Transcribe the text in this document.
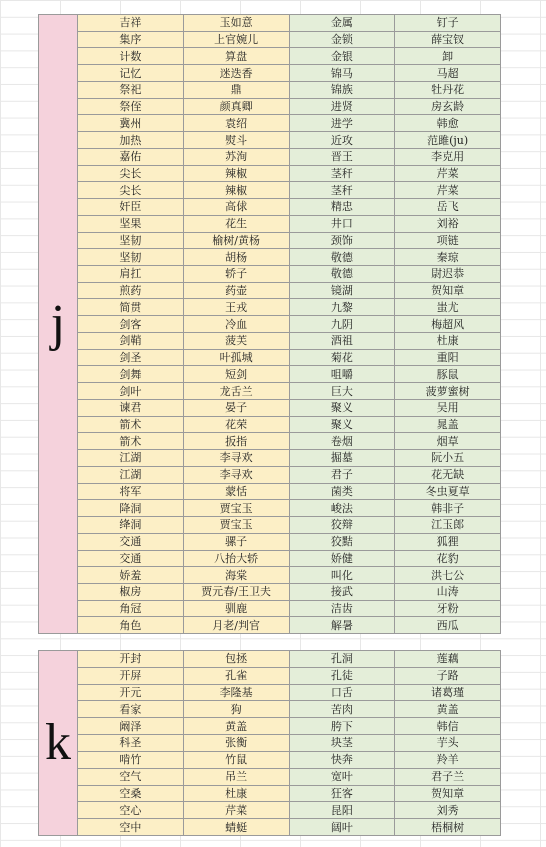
j
吉祥	玉如意	金属	钉子
集序	上官婉儿	金锁	薛宝钗
计数	算盘	金银	卸
记忆	迷迭香	锦马	马超
祭祀	鼎	锦族	牡丹花
祭侄	颜真卿	进贤	房玄龄
冀州	袁绍	进学	韩愈
加热	熨斗	近攻	范雎(ju)
嘉佑	苏洵	晋王	李克用
尖长	辣椒	茎秆	芹菜
尖长	辣椒	茎秆	芹菜
奸臣	高俅	精忠	岳飞
坚果	花生	井口	刘裕
坚韧	榆树/黄杨	颈饰	项链
坚韧	胡杨	敬德	秦琼
肩扛	轿子	敬德	尉迟恭
煎药	药壶	镜湖	贺知章
简贯	王戎	九黎	蚩尤
剑客	冷血	九阴	梅超风
剑鞘	菠芙	酒祖	杜康
剑圣	叶孤城	菊花	重阳
剑舞	短剑	咀嚼	豚鼠
剑叶	龙舌兰	巨大	菠萝蜜树
谏君	晏子	聚义	吴用
箭术	花荣	聚义	晁盖
箭术	扳指	卷烟	烟草
江湖	李寻欢	掘墓	阮小五
江湖	李寻欢	君子	花无缺
将军	蒙恬	菌类	冬虫夏草
降洞	贾宝玉	峻法	韩非子
绛洞	贾宝玉	狡辩	江玉郎
交通	骡子	狡黠	狐狸
交通	八抬大轿	娇健	花豹
娇羞	海棠	叫化	洪七公
椒房	贾元春/王卫夫	接武	山涛
角冠	驯鹿	洁齿	牙粉
角色	月老/判官	解暑	西瓜
k
开封	包拯	孔洞	莲藕
开屏	孔雀	孔徒	子路
开元	李隆基	口舌	诸葛瑾
看家	狗	苦肉	黄盖
阚泽	黄盖	胯下	韩信
科圣	张衡	块茎	芋头
啃竹	竹鼠	快奔	羚羊
空气	吊兰	宽叶	君子兰
空桑	杜康	狂客	贺知章
空心	芹菜	昆阳	刘秀
空中	蜻蜓	阔叶	梧桐树
